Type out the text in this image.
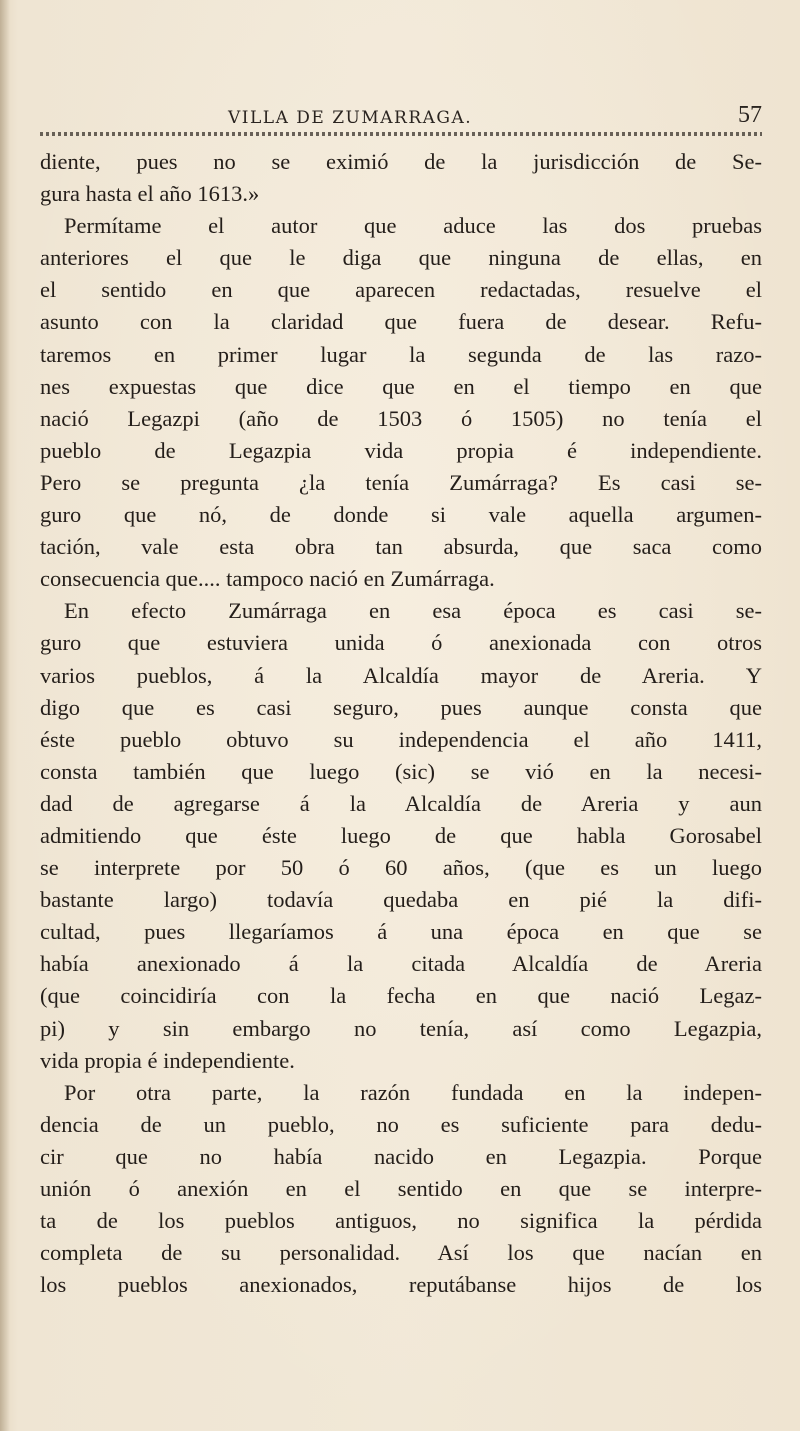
VILLA DE ZUMARRAGA.	57
diente, pues no se eximió de la jurisdicción de Se-
gura hasta el año 1613.»
Permítame el autor que aduce las dos pruebas
anteriores el que le diga que ninguna de ellas, en
el sentido en que aparecen redactadas, resuelve el
asunto con la claridad que fuera de desear. Refu-
taremos en primer lugar la segunda de las razo-
nes expuestas que dice que en el tiempo en que
nació Legazpi (año de 1503 ó 1505) no tenía el
pueblo de Legazpia vida propia é independiente.
Pero se pregunta ¿la tenía Zumárraga? Es casi se-
guro que nó, de donde si vale aquella argumen-
tación, vale esta obra tan absurda, que saca como
consecuencia que.... tampoco nació en Zumárraga.
En efecto Zumárraga en esa época es casi se-
guro que estuviera unida ó anexionada con otros
varios pueblos, á la Alcaldía mayor de Areria. Y
digo que es casi seguro, pues aunque consta que
éste pueblo obtuvo su independencia el año 1411,
consta también que luego (sic) se vió en la necesi-
dad de agregarse á la Alcaldía de Areria y aun
admitiendo que éste luego de que habla Gorosabel
se interprete por 50 ó 60 años, (que es un luego
bastante largo) todavía quedaba en pié la difi-
cultad, pues llegaríamos á una época en que se
había anexionado á la citada Alcaldía de Areria
(que coincidiría con la fecha en que nació Legaz-
pi) y sin embargo no tenía, así como Legazpia,
vida propia é independiente.
Por otra parte, la razón fundada en la indepen-
dencia de un pueblo, no es suficiente para dedu-
cir que no había nacido en Legazpia. Porque
unión ó anexión en el sentido en que se interpre-
ta de los pueblos antiguos, no significa la pérdida
completa de su personalidad. Así los que nacían en
los pueblos anexionados, reputábanse hijos de los
